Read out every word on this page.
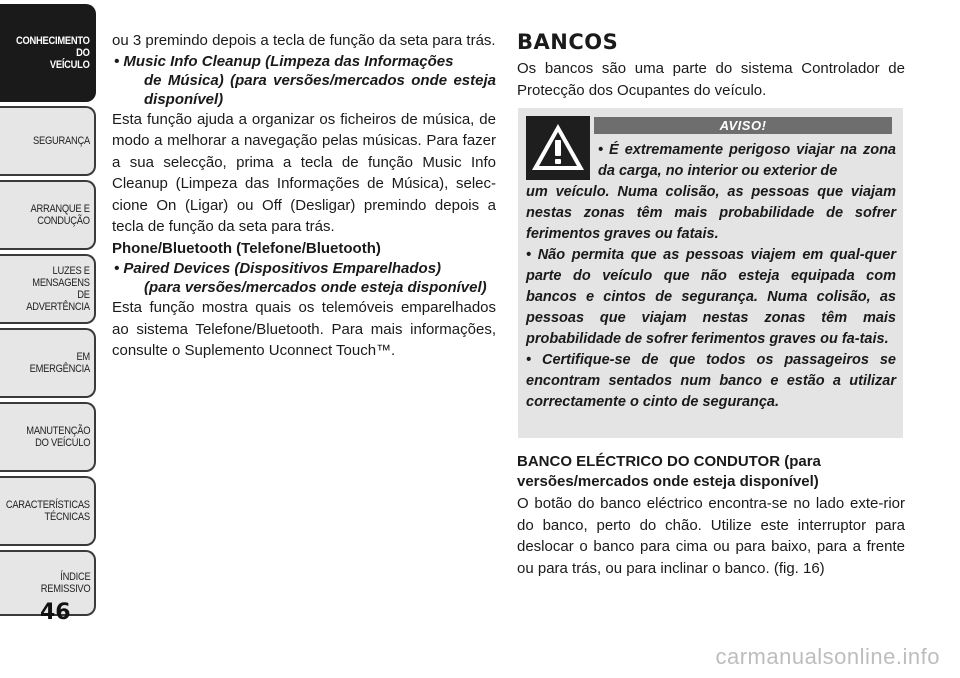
CONHECIMENTO
DO
VEÍCULO
SEGURANÇA
ARRANQUE E
CONDUÇÃO
LUZES E
MENSAGENS
DE
ADVERTÊNCIA
EM
EMERGÊNCIA
MANUTENÇÃO
DO VEÍCULO
CARACTERÍSTICAS
TÉCNICAS
ÍNDICE
REMISSIVO
46

ou 3 premindo depois a tecla de função da seta para trás.

• Music Info Cleanup (Limpeza das Informações
de Música) (para versões/mercados onde esteja disponível)

Esta função ajuda a organizar os ficheiros de música, de modo a melhorar a navegação pelas músicas. Para fazer a sua selecção, prima a tecla de função Music Info Cleanup (Limpeza das Informações de Música), selec-cione On (Ligar) ou Off (Desligar) premindo depois a tecla de função da seta para trás.

Phone/Bluetooth (Telefone/Bluetooth)

• Paired Devices (Dispositivos Emparelhados)
(para versões/mercados onde esteja disponível)

Esta função mostra quais os telemóveis emparelhados ao sistema Telefone/Bluetooth. Para mais informações, consulte o Suplemento Uconnect Touch™.

BANCOS

Os bancos são uma parte do sistema Controlador de Protecção dos Ocupantes do veículo.

AVISO!

• É extremamente perigoso viajar na zona da carga, no interior ou exterior de

um veículo. Numa colisão, as pessoas que viajam nestas zonas têm mais probabilidade de sofrer ferimentos graves ou fatais.

• Não permita que as pessoas viajem em qual-quer parte do veículo que não esteja equipada com bancos e cintos de segurança. Numa colisão, as pessoas que viajam nestas zonas têm mais probabilidade de sofrer ferimentos graves ou fa-tais.

• Certifique-se de que todos os passageiros se encontram sentados num banco e estão a utilizar correctamente o cinto de segurança.

BANCO ELÉCTRICO DO CONDUTOR (para versões/mercados onde esteja disponível)

O botão do banco eléctrico encontra-se no lado exte-rior do banco, perto do chão. Utilize este interruptor para deslocar o banco para cima ou para baixo, para a frente ou para trás, ou para inclinar o banco. (fig. 16)

carmanualsonline.info
